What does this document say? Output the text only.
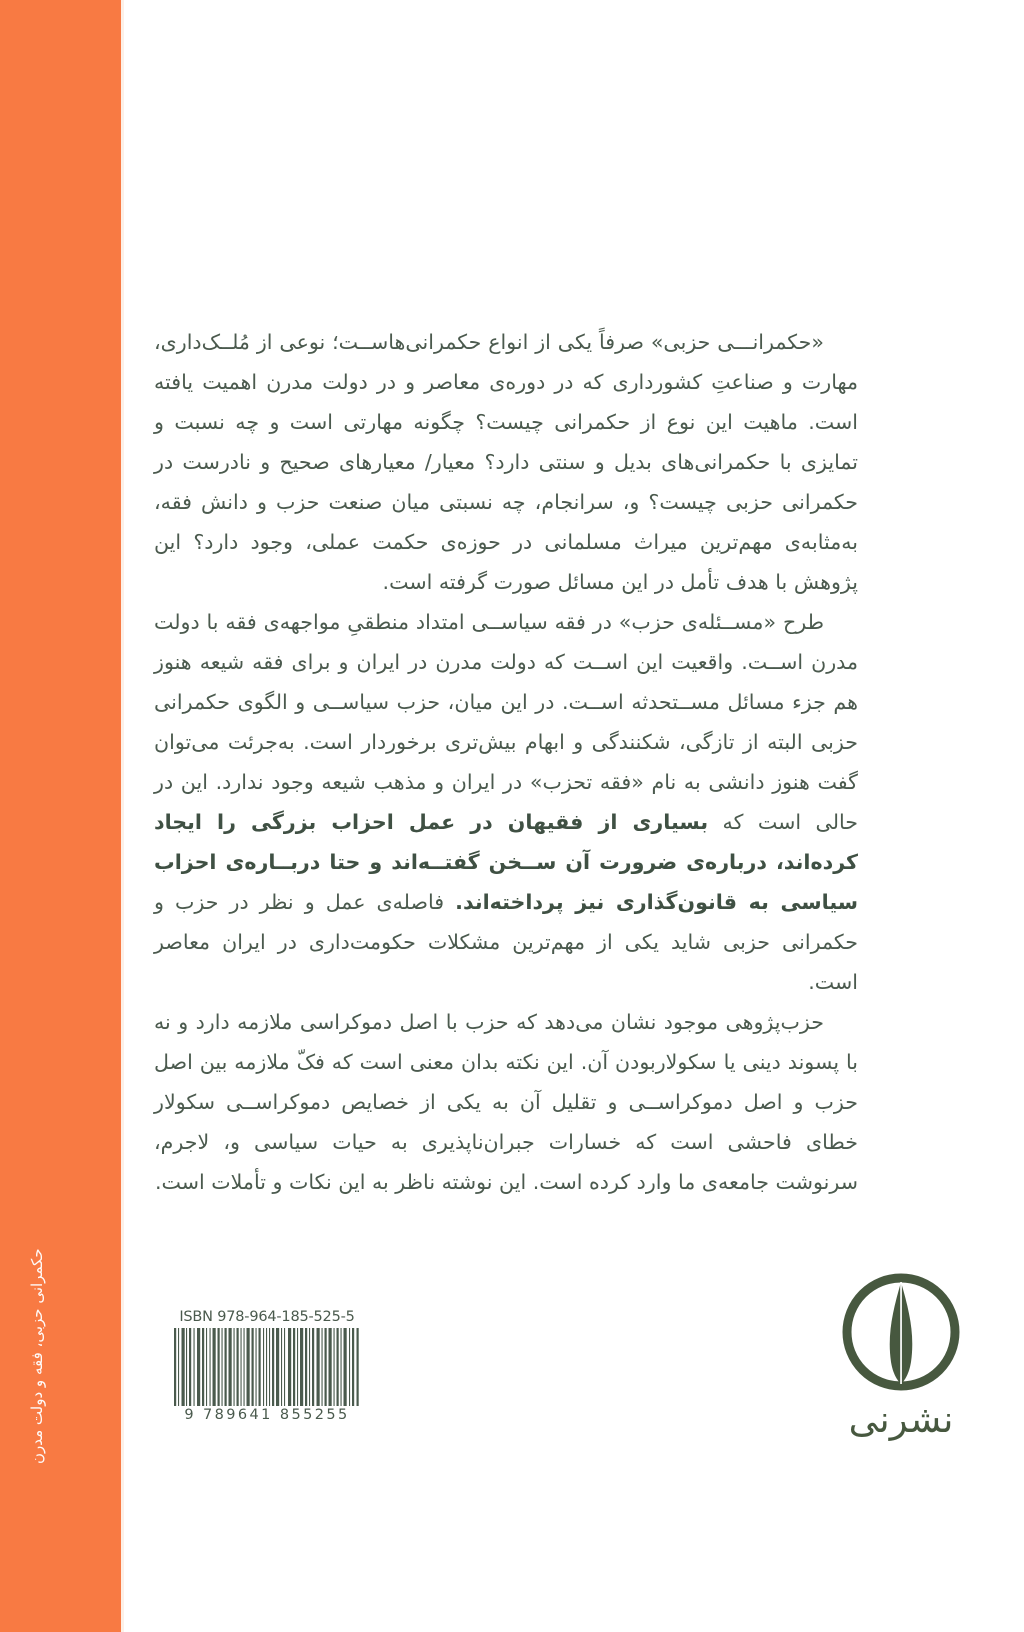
حکمرانی حزبی، فقه و دولت مدرن

«حکمرانـــی حزبی» صرفاً یکی از انواع حکمرانی‌هاســت؛ نوعی از مُلــک‌داری، مهارت و صناعتِ کشورداری که در دوره‌ی معاصر و در دولت مدرن اهمیت یافته است. ماهیت این نوع از حکمرانی چیست؟ چگونه مهارتی است و چه نسبت و تمایزی با حکمرانی‌های بدیل و سنتی دارد؟ معیار/ معیارهای صحیح و نادرست در حکمرانی حزبی چیست؟ و، سرانجام، چه نسبتی میان صنعت حزب و دانش فقه، به‌مثابه‌ی مهم‌ترین میراث مسلمانی در حوزه‌ی حکمت عملی، وجود دارد؟ این پژوهش با هدف تأمل در این مسائل صورت گرفته است.

طرح «مســئله‌ی حزب» در فقه سیاســی امتداد منطقیِ مواجهه‌ی فقه با دولت مدرن اســت. واقعیت این اســت که دولت مدرن در ایران و برای فقه شیعه هنوز هم جزء مسائل مســتحدثه اســت. در این میان، حزب سیاســی و الگوی حکمرانی حزبی البته از تازگی، شکنندگی و ابهام بیش‌تری برخوردار است. به‌جرئت می‌توان گفت هنوز دانشی به نام «فقه تحزب» در ایران و مذهب شیعه وجود ندارد. این در حالی است که بسیاری از فقیهان در عمل احزاب بزرگی را ایجاد کرده‌اند، درباره‌ی ضرورت آن ســخن گفتــه‌اند و حتا دربــاره‌ی احزاب سیاسی به قانون‌گذاری نیز پرداخته‌اند. فاصله‌ی عمل و نظر در حزب و حکمرانی حزبی شاید یکی از مهم‌ترین مشکلات حکومت‌داری در ایران معاصر است.

حزب‌پژوهی موجود نشان می‌دهد که حزب با اصل دموکراسی ملازمه دارد و نه با پسوند دینی یا سکولاربودن آن. این نکته بدان معنی است که فکّ ملازمه بین اصل حزب و اصل دموکراســی و تقلیل آن به یکی از خصایص دموکراســی سکولار خطای فاحشی است که خسارات جبران‌ناپذیری به حیات سیاسی و، لاجرم، سرنوشت جامعه‌ی ما وارد کرده است. این نوشته ناظر به این نکات و تأملات است.

ISBN 978-964-185-525-5
9 789641 855255	نشرنی
